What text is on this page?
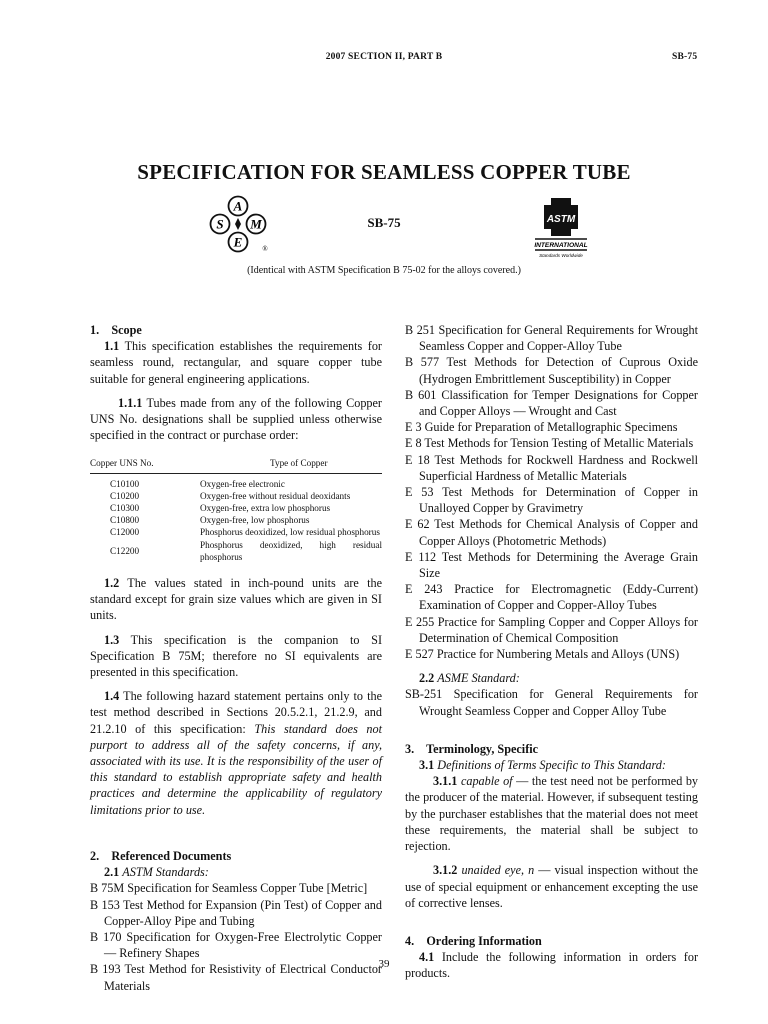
2007 SECTION II, PART B	SB-75
SPECIFICATION FOR SEAMLESS COPPER TUBE
A
S M
E	®
SB-75	ASTM
INTERNATIONAL
Standards Worldwide
(Identical with ASTM Specification B 75-02 for the alloys covered.)

1.    Scope

1.1 This specification establishes the requirements for seamless round, rectangular, and square copper tube suitable for general engineering applications.

1.1.1 Tubes made from any of the following Copper UNS No. designations shall be supplied unless otherwise specified in the contract or purchase order:

Copper UNS No.	Type of Copper
C10100	Oxygen-free electronic
C10200	Oxygen-free without residual deoxidants
C10300	Oxygen-free, extra low phosphorus
C10800	Oxygen-free, low phosphorus
C12000	Phosphorus deoxidized, low residual phosphorus
C12200	Phosphorus deoxidized, high residual phosphorus

1.2 The values stated in inch-pound units are the standard except for grain size values which are given in SI units.

1.3 This specification is the companion to SI Specification B 75M; therefore no SI equivalents are presented in this specification.

1.4 The following hazard statement pertains only to the test method described in Sections 20.5.2.1, 21.2.9, and 21.2.10 of this specification: This standard does not purport to address all of the safety concerns, if any, associated with its use. It is the responsibility of the user of this standard to establish appropriate safety and health practices and determine the applicability of regulatory limitations prior to use.

2.    Referenced Documents

2.1 ASTM Standards:

B 75M Specification for Seamless Copper Tube [Metric]

B 153 Test Method for Expansion (Pin Test) of Copper and Copper-Alloy Pipe and Tubing

B 170 Specification for Oxygen-Free Electrolytic Copper — Refinery Shapes

B 193 Test Method for Resistivity of Electrical Conductor Materials

B 251 Specification for General Requirements for Wrought Seamless Copper and Copper-Alloy Tube

B 577 Test Methods for Detection of Cuprous Oxide (Hydrogen Embrittlement Susceptibility) in Copper

B 601 Classification for Temper Designations for Copper and Copper Alloys — Wrought and Cast

E 3 Guide for Preparation of Metallographic Specimens

E 8 Test Methods for Tension Testing of Metallic Materials

E 18 Test Methods for Rockwell Hardness and Rockwell Superficial Hardness of Metallic Materials

E 53 Test Methods for Determination of Copper in Unalloyed Copper by Gravimetry

E 62 Test Methods for Chemical Analysis of Copper and Copper Alloys (Photometric Methods)

E 112 Test Methods for Determining the Average Grain Size

E 243 Practice for Electromagnetic (Eddy-Current) Examination of Copper and Copper-Alloy Tubes

E 255 Practice for Sampling Copper and Copper Alloys for Determination of Chemical Composition

E 527 Practice for Numbering Metals and Alloys (UNS)

2.2 ASME Standard:

SB-251 Specification for General Requirements for Wrought Seamless Copper and Copper Alloy Tube

3.    Terminology, Specific

3.1 Definitions of Terms Specific to This Standard:

3.1.1 capable of — the test need not be performed by the producer of the material. However, if subsequent testing by the purchaser establishes that the material does not meet these requirements, the material shall be subject to rejection.

3.1.2 unaided eye, n — visual inspection without the use of special equipment or enhancement excepting the use of corrective lenses.

4.    Ordering Information

4.1 Include the following information in orders for products.

39
